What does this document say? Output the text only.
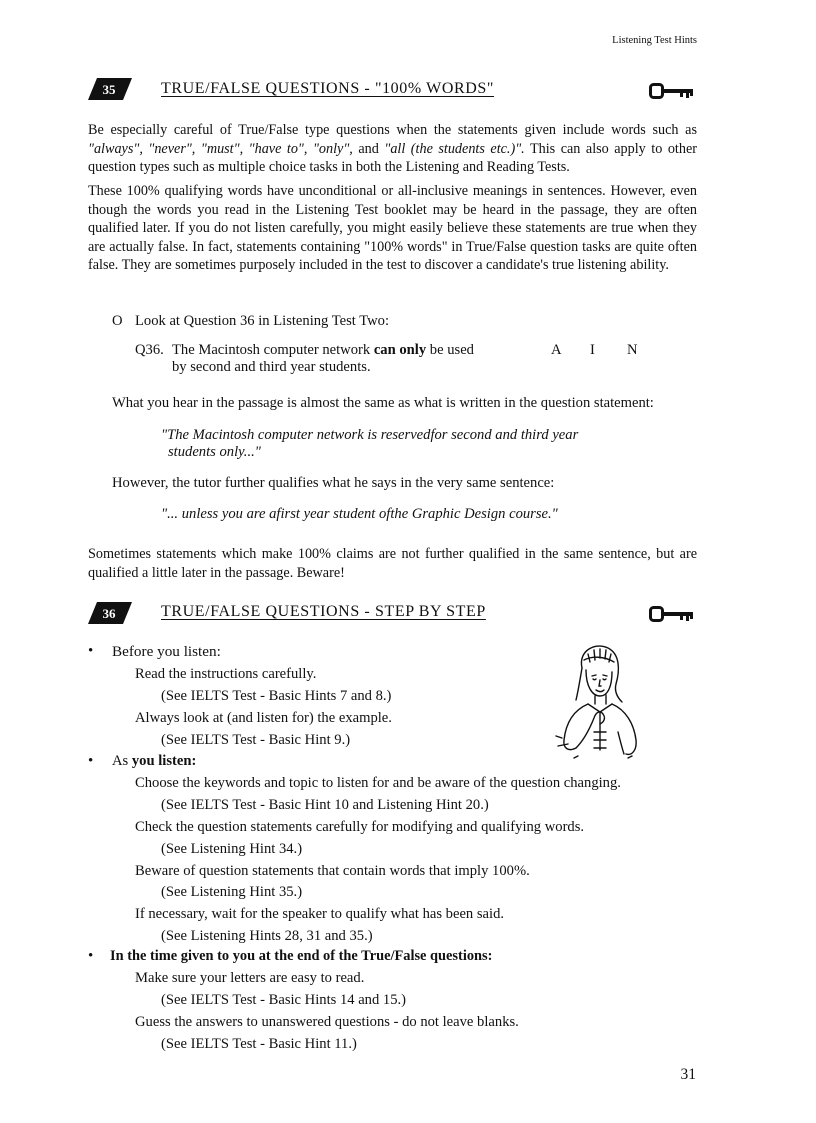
Listening Test Hints
35	TRUE/FALSE QUESTIONS - "100% WORDS"
Be especially careful of True/False type questions when the statements given include words such as "always", "never", "must", "have to", "only", and "all (the students etc.)". This can also apply to other question types such as multiple choice tasks in both the Listening and Reading Tests.
These 100% qualifying words have unconditional or all-inclusive meanings in sentences. However, even though the words you read in the Listening Test booklet may be heard in the passage, they are often qualified later. If you do not listen carefully, you might easily believe these statements are true when they are actually false. In fact, statements containing "100% words" in True/False question tasks are quite often false. They are sometimes purposely included in the test to discover a candidate's true listening ability.
O Look at Question 36 in Listening Test Two:
Q36. The Macintosh computer network can only be used
by second and third year students.
A I N
What you hear in the passage is almost the same as what is written in the question statement:
"The Macintosh computer network is reservedfor second and third year
students only..."
However, the tutor further qualifies what he says in the very same sentence:
"... unless you are afirst year student ofthe Graphic Design course."
Sometimes statements which make 100% claims are not further qualified in the same sentence, but are qualified a little later in the passage. Beware!
36	TRUE/FALSE QUESTIONS - STEP BY STEP
• Before you listen:
Read the instructions carefully.
(See IELTS Test - Basic Hints 7 and 8.)
Always look at (and listen for) the example.
(See IELTS Test - Basic Hint 9.)
• As you listen:
Choose the keywords and topic to listen for and be aware of the question changing.
(See IELTS Test - Basic Hint 10 and Listening Hint 20.)
Check the question statements carefully for modifying and qualifying words.
(See Listening Hint 34.)
Beware of question statements that contain words that imply 100%.
(See Listening Hint 35.)
If necessary, wait for the speaker to qualify what has been said.
(See Listening Hints 28, 31 and 35.)
• In the time given to you at the end of the True/False questions:
Make sure your letters are easy to read.
(See IELTS Test - Basic Hints 14 and 15.)
Guess the answers to unanswered questions - do not leave blanks.
(See IELTS Test - Basic Hint 11.)
31
